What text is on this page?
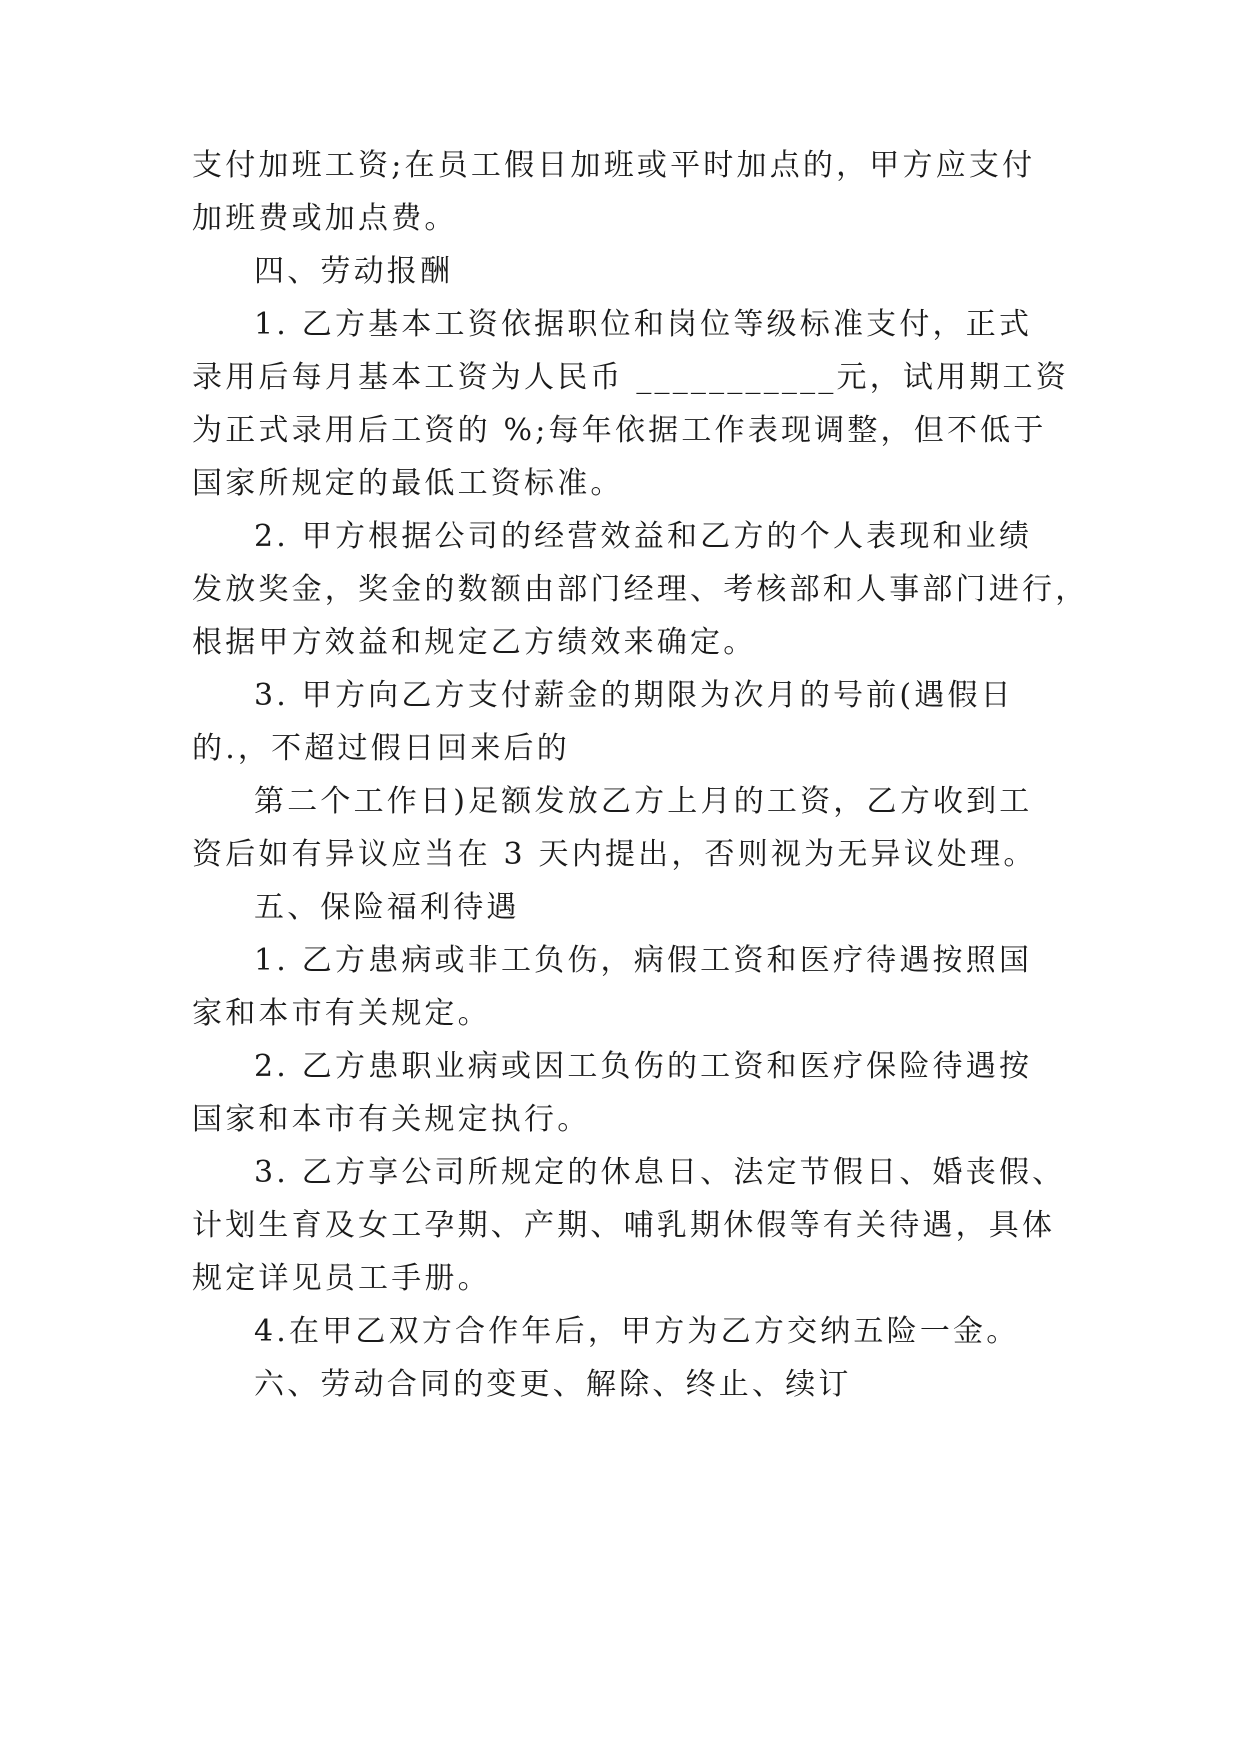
支付加班工资;在员工假日加班或平时加点的，甲方应支付
加班费或加点费。
四、劳动报酬
1. 乙方基本工资依据职位和岗位等级标准支付，正式
录用后每月基本工资为人民币 ___________元，试用期工资
为正式录用后工资的 %;每年依据工作表现调整，但不低于
国家所规定的最低工资标准。
2. 甲方根据公司的经营效益和乙方的个人表现和业绩
发放奖金，奖金的数额由部门经理、考核部和人事部门进行，
根据甲方效益和规定乙方绩效来确定。
3. 甲方向乙方支付薪金的期限为次月的号前(遇假日
的.，不超过假日回来后的
第二个工作日)足额发放乙方上月的工资，乙方收到工
资后如有异议应当在 3 天内提出，否则视为无异议处理。
五、保险福利待遇
1. 乙方患病或非工负伤，病假工资和医疗待遇按照国
家和本市有关规定。
2. 乙方患职业病或因工负伤的工资和医疗保险待遇按
国家和本市有关规定执行。
3. 乙方享公司所规定的休息日、法定节假日、婚丧假、
计划生育及女工孕期、产期、哺乳期休假等有关待遇，具体
规定详见员工手册。
4.在甲乙双方合作年后，甲方为乙方交纳五险一金。
六、劳动合同的变更、解除、终止、续订
